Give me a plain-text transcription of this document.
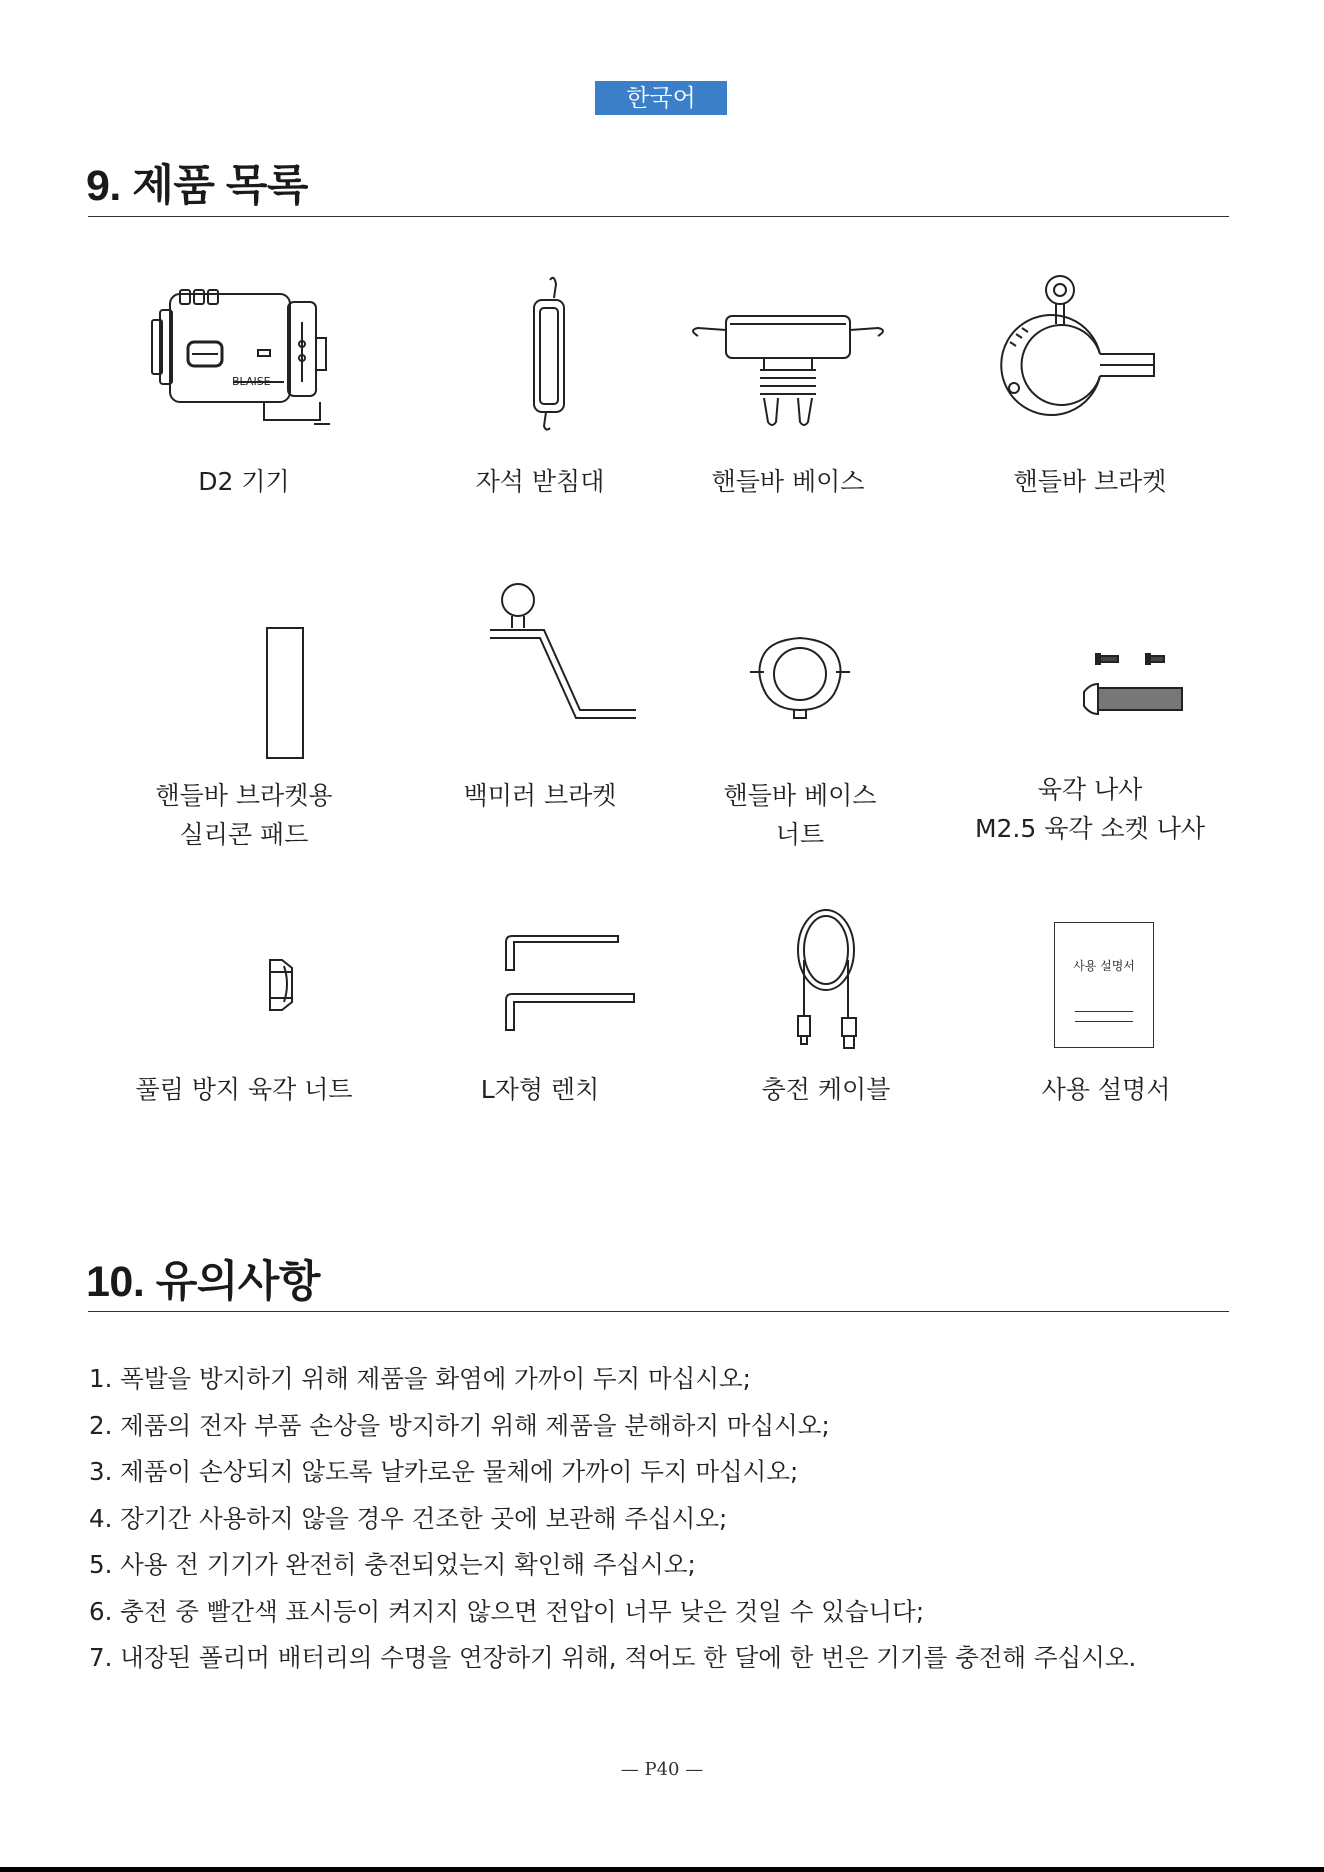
한국어
9. 제품 목록
BLAISE
D2 기기	자석 받침대	핸들바 베이스	핸들바 브라켓
핸들바 브라켓용
실리콘 패드
백미러 브라켓	핸들바 베이스
너트
육각 나사
M2.5 육각 소켓 나사
풀림 방지 육각 너트	L자형 렌치	충전 케이블
사용 설명서
사용 설명서
10. 유의사항
1. 폭발을 방지하기 위해 제품을 화염에 가까이 두지 마십시오;
2. 제품의 전자 부품 손상을 방지하기 위해 제품을 분해하지 마십시오;
3. 제품이 손상되지 않도록 날카로운 물체에 가까이 두지 마십시오;
4. 장기간 사용하지 않을 경우 건조한 곳에 보관해 주십시오;
5. 사용 전 기기가 완전히 충전되었는지 확인해 주십시오;
6. 충전 중 빨간색 표시등이 켜지지 않으면 전압이 너무 낮은 것일 수 있습니다;
7. 내장된 폴리머 배터리의 수명을 연장하기 위해, 적어도 한 달에 한 번은 기기를 충전해 주십시오.
— P40 —
